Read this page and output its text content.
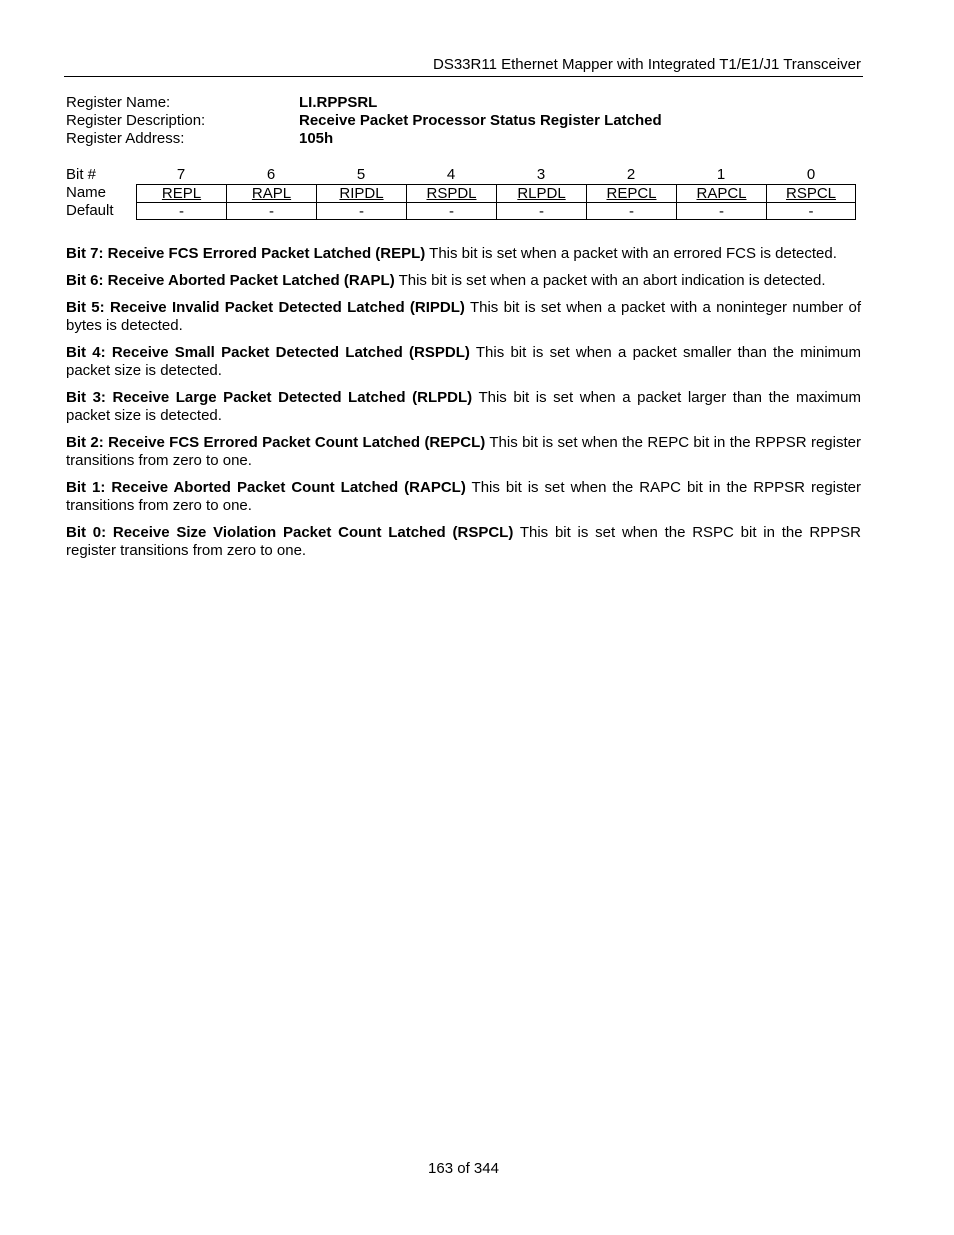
DS33R11 Ethernet Mapper with Integrated T1/E1/J1 Transceiver
Register Name:	LI.RPPSRL
Register Description:	Receive Packet Processor Status Register Latched
Register Address:	105h
Bit #	7	6	5	4	3	2	1	0
Name	REPL	RAPL	RIPDL	RSPDL	RLPDL	REPCL	RAPCL	RSPCL
Default	-	-	-	-	-	-	-	-

Bit 7: Receive FCS Errored Packet Latched (REPL) This bit is set when a packet with an errored FCS is detected.

Bit 6: Receive Aborted Packet Latched (RAPL) This bit is set when a packet with an abort indication is detected.

Bit 5: Receive Invalid Packet Detected Latched (RIPDL) This bit is set when a packet with a noninteger number of bytes is detected.

Bit 4: Receive Small Packet Detected Latched (RSPDL) This bit is set when a packet smaller than the minimum packet size is detected.

Bit 3: Receive Large Packet Detected Latched (RLPDL) This bit is set when a packet larger than the maximum packet size is detected.

Bit 2: Receive FCS Errored Packet Count Latched (REPCL) This bit is set when the REPC bit in the RPPSR register transitions from zero to one.

Bit 1: Receive Aborted Packet Count Latched (RAPCL) This bit is set when the RAPC bit in the RPPSR register transitions from zero to one.

Bit 0: Receive Size Violation Packet Count Latched (RSPCL) This bit is set when the RSPC bit in the RPPSR register transitions from zero to one.

163 of 344
